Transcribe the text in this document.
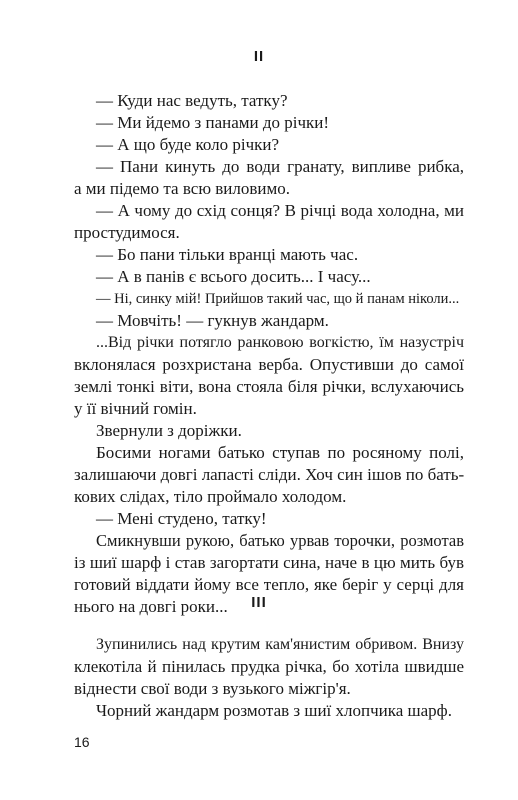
II
— Куди нас ведуть, татку?
— Ми йдемо з панами до річки!
— А що буде коло річки?
— Пани кинуть до води гранату, випливе рибка,
а ми підемо та всю виловимо.
— А чому до схід сонця? В річці вода холодна, ми
простудимося.
— Бо пани тільки вранці мають час.
— А в панів є всього досить... І часу...
— Ні, синку мій! Прийшов такий час, що й панам ніколи...
— Мовчіть! — гукнув жандарм.
...Від річки потягло ранковою вогкістю, їм назустріч
вклонялася розхристана верба. Опустивши до самої
землі тонкі віти, вона стояла біля річки, вслухаючись
у її вічний гомін.
Звернули з доріжки.
Босими ногами батько ступав по росяному полі,
залишаючи довгі лапасті сліди. Хоч син ішов по бать-
кових слідах, тіло проймало холодом.
— Мені студено, татку!
Смикнувши рукою, батько урвав торочки, розмотав
із шиї шарф і став загортати сина, наче в цю мить був
готовий віддати йому все тепло, яке беріг у серці для
нього на довгі роки...	III
Зупинились над крутим кам'янистим обривом. Внизу
клекотіла й пінилась прудка річка, бо хотіла швидше
віднести свої води з вузького міжгір'я.
Чорний жандарм розмотав з шиї хлопчика шарф.
16
